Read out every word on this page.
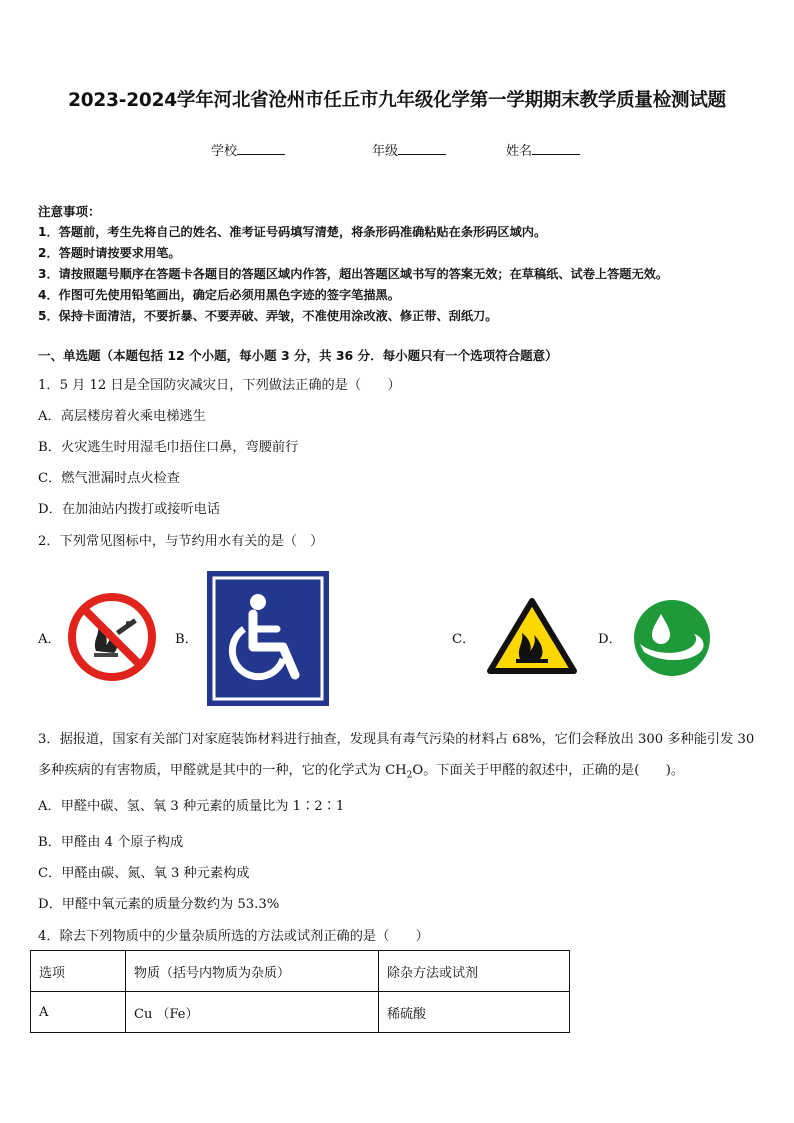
2023-2024学年河北省沧州市任丘市九年级化学第一学期期末教学质量检测试题
学校	年级	姓名
注意事项：
1．答题前，考生先将自己的姓名、准考证号码填写清楚，将条形码准确粘贴在条形码区域内。
2．答题时请按要求用笔。
3．请按照题号顺序在答题卡各题目的答题区域内作答，超出答题区域书写的答案无效；在草稿纸、试卷上答题无效。
4．作图可先使用铅笔画出，确定后必须用黑色字迹的签字笔描黑。
5．保持卡面清洁，不要折暴、不要弄破、弄皱，不准使用涂改液、修正带、刮纸刀。
一、单选题（本题包括 12 个小题，每小题 3 分，共 36 分．每小题只有一个选项符合题意）
1．5 月 12 日是全国防灾减灾日，下列做法正确的是（　　）
A．高层楼房着火乘电梯逃生
B．火灾逃生时用湿毛巾捂住口鼻，弯腰前行
C．燃气泄漏时点火检查
D．在加油站内拨打或接听电话
2．下列常见图标中，与节约用水有关的是（　）
A．	B．	C．	D．
3．据报道，国家有关部门对家庭装饰材料进行抽查，发现具有毒气污染的材料占 68%，它们会释放出 300 多种能引发 30 多种疾病的有害物质，甲醛就是其中的一种，它的化学式为 $CH_2O$。下面关于甲醛的叙述中，正确的是(　　)。
A．甲醛中碳、氢、氧 3 种元素的质量比为 1∶2∶1
B．甲醛由 4 个原子构成
C．甲醛由碳、氮、氧 3 种元素构成
D．甲醛中氧元素的质量分数约为 53.3%
4．除去下列物质中的少量杂质所选的方法或试剂正确的是（　　）
选项	物质（括号内物质为杂质）	除杂方法或试剂
A	Cu （Fe）	稀硫酸
